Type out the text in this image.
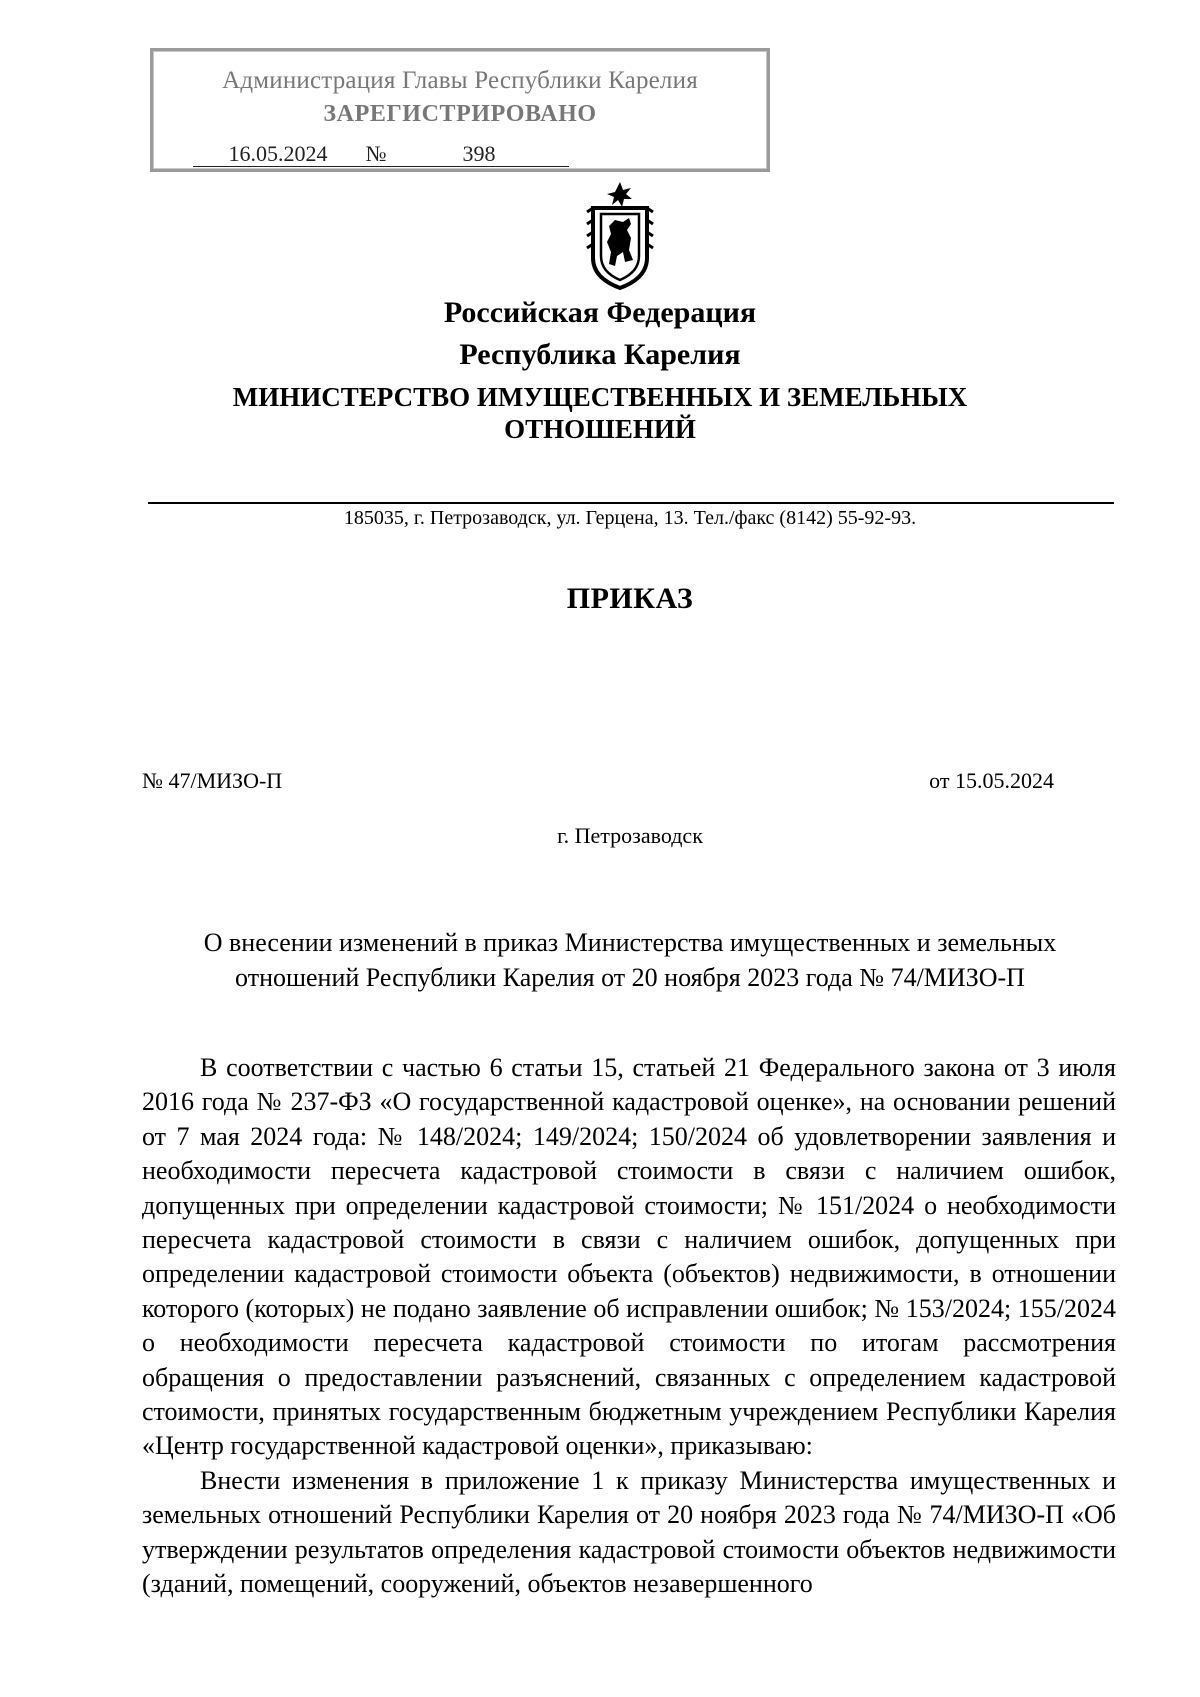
Администрация Главы Республики Карелия
ЗАРЕГИСТРИРОВАНО
16.05.2024 №	398
Российская Федерация
Республика Карелия
МИНИСТЕРСТВО ИМУЩЕСТВЕННЫХ И ЗЕМЕЛЬНЫХ
ОТНОШЕНИЙ
185035, г. Петрозаводск, ул. Герцена, 13. Тел./факс (8142) 55-92-93.
ПРИКАЗ
№ 47/МИЗО-П	от 15.05.2024
г. Петрозаводск
О внесении изменений в приказ Министерства имущественных и земельных отношений Республики Карелия от 20 ноября 2023 года № 74/МИЗО-П

В соответствии с частью 6 статьи 15, статьей 21 Федерального закона от 3 июля 2016 года № 237-ФЗ «О государственной кадастровой оценке», на основании решений от 7 мая 2024 года: № 148/2024; 149/2024; 150/2024 об удовлетворении заявления и необходимости пересчета кадастровой стоимости в связи с наличием ошибок, допущенных при определении кадастровой стоимости; № 151/2024 о необходимости пересчета кадастровой стоимости в связи с наличием ошибок, допущенных при определении кадастровой стоимости объекта (объектов) недвижимости, в отношении которого (которых) не подано заявление об исправлении ошибок; № 153/2024; 155/2024 о необходимости пересчета кадастровой стоимости по итогам рассмотрения обращения о предоставлении разъяснений, связанных с определением кадастровой стоимости, принятых государственным бюджетным учреждением Республики Карелия «Центр государственной кадастровой оценки», приказываю:

Внести изменения в приложение 1 к приказу Министерства имущественных и земельных отношений Республики Карелия от 20 ноября 2023 года № 74/МИЗО-П «Об утверждении результатов определения кадастровой стоимости объектов недвижимости (зданий, помещений, сооружений, объектов незавершенного
